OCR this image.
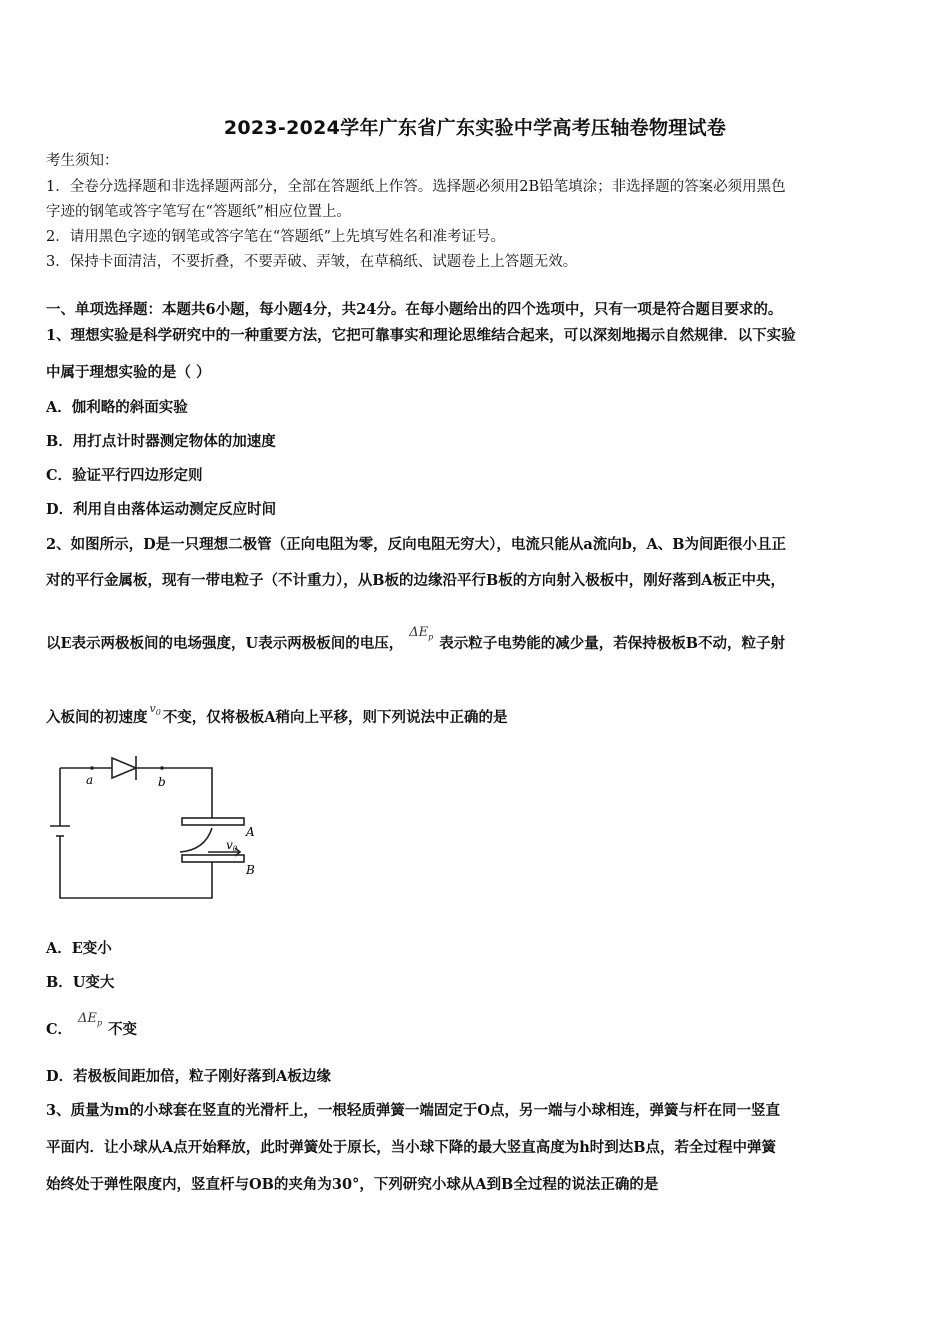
2023-2024学年广东省广东实验中学高考压轴卷物理试卷
考生须知：
1．全卷分选择题和非选择题两部分，全部在答题纸上作答。选择题必须用2B铅笔填涂；非选择题的答案必须用黑色
字迹的钢笔或答字笔写在“答题纸”相应位置上。
2．请用黑色字迹的钢笔或答字笔在“答题纸”上先填写姓名和准考证号。
3．保持卡面清洁，不要折叠，不要弄破、弄皱，在草稿纸、试题卷上上答题无效。
一、单项选择题：本题共6小题，每小题4分，共24分。在每小题给出的四个选项中，只有一项是符合题目要求的。
1、理想实验是科学研究中的一种重要方法，它把可靠事实和理论思维结合起来，可以深刻地揭示自然规律．以下实验
中属于理想实验的是（ ）
A．伽利略的斜面实验
B．用打点计时器测定物体的加速度
C．验证平行四边形定则
D．利用自由落体运动测定反应时间
2、如图所示，D是一只理想二极管（正向电阻为零，反向电阻无穷大），电流只能从a流向b，A、B为间距很小且正
对的平行金属板，现有一带电粒子（不计重力），从B板的边缘沿平行B板的方向射入极板中，刚好落到A板正中央，
以E表示两极板间的电场强度，U表示两极板间的电压，$\Delta E_p$ 表示粒子电势能的减少量，若保持极板B不动，粒子射
入板间的初速度$^{v_0}$ 不变，仅将极板A稍向上平移，则下列说法中正确的是
a	b
A
B
v0
A．E变小
B．U变大
C．$\Delta E_p$ 不变
D．若极板间距加倍，粒子刚好落到A板边缘
3、质量为m的小球套在竖直的光滑杆上，一根轻质弹簧一端固定于O点，另一端与小球相连，弹簧与杆在同一竖直
平面内．让小球从A点开始释放，此时弹簧处于原长，当小球下降的最大竖直高度为h时到达B点，若全过程中弹簧
始终处于弹性限度内，竖直杆与OB的夹角为30°，下列研究小球从A到B全过程的说法正确的是
